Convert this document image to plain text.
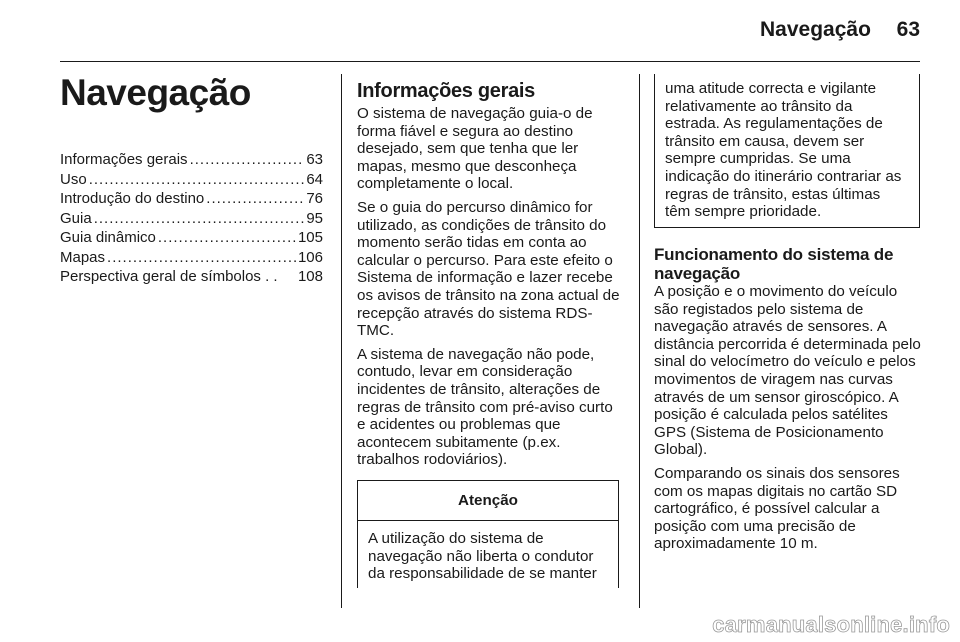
Navegação	63
Navegação
Informações gerais .....	63
Uso .....	64
Introdução do destino .....	76
Guia .....	95
Guia dinâmico .....	105
Mapas .....	106
Perspectiva geral de símbolos . . 108
Informações gerais

O sistema de navegação guia-o de forma fiável e segura ao destino desejado, sem que tenha que ler mapas, mesmo que desconheça completamente o local.

Se o guia do percurso dinâmico for utilizado, as condições de trânsito do momento serão tidas em conta ao calcular o percurso. Para este efeito o Sistema de informação e lazer recebe os avisos de trânsito na zona actual de recepção através do sistema RDS-TMC.

A sistema de navegação não pode, contudo, levar em consideração incidentes de trânsito, alterações de regras de trânsito com pré-aviso curto e acidentes ou problemas que acontecem subitamente (p.ex. trabalhos rodoviários).

Atenção
A utilização do sistema de navegação não liberta o condutor da responsabilidade de se manter
uma atitude correcta e vigilante relativamente ao trânsito da estrada. As regulamentações de trânsito em causa, devem ser sempre cumpridas. Se uma indicação do itinerário contrariar as regras de trânsito, estas últimas têm sempre prioridade.
Funcionamento do sistema de navegação

A posição e o movimento do veículo são registados pelo sistema de navegação através de sensores. A distância percorrida é determinada pelo sinal do velocímetro do veículo e pelos movimentos de viragem nas curvas através de um sensor giroscópico. A posição é calculada pelos satélites GPS (Sistema de Posicionamento Global).

Comparando os sinais dos sensores com os mapas digitais no cartão SD cartográfico, é possível calcular a posição com uma precisão de aproximadamente 10 m.

carmanualsonline.info
